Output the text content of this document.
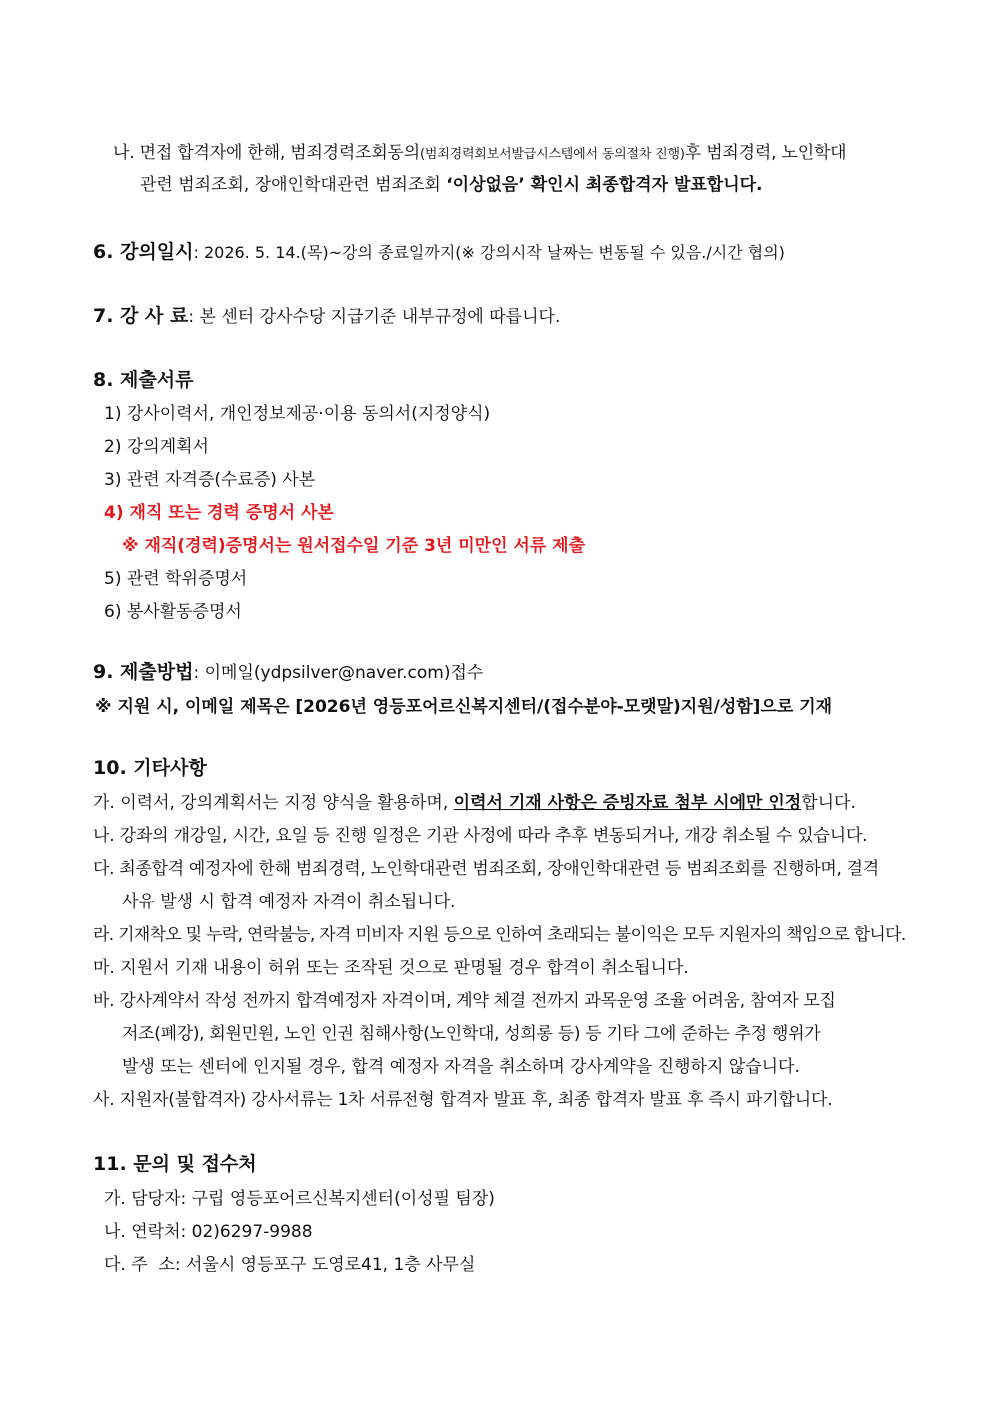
나. 면접 합격자에 한해, 범죄경력조회동의(범죄경력회보서발급시스템에서 동의절차 진행)후 범죄경력, 노인학대
관련 범죄조회, 장애인학대관련 범죄조회 ‘이상없음’ 확인시 최종합격자 발표합니다.
6. 강의일시: 2026. 5. 14.(목)~강의 종료일까지(※ 강의시작 날짜는 변동될 수 있음./시간 협의)
7. 강 사 료: 본 센터 강사수당 지급기준 내부규정에 따릅니다.
8. 제출서류
1) 강사이력서, 개인정보제공·이용 동의서(지정양식)
2) 강의계획서
3) 관련 자격증(수료증) 사본
4) 재직 또는 경력 증명서 사본
※ 재직(경력)증명서는 원서접수일 기준 3년 미만인 서류 제출
5) 관련 학위증명서
6) 봉사활동증명서
9. 제출방법: 이메일(ydpsilver@naver.com)접수
※ 지원 시, 이메일 제목은 [2026년 영등포어르신복지센터/(접수분야-모랫말)지원/성함]으로 기재
10. 기타사항
가. 이력서, 강의계획서는 지정 양식을 활용하며, 이력서 기재 사항은 증빙자료 첨부 시에만 인정합니다.
나. 강좌의 개강일, 시간, 요일 등 진행 일정은 기관 사정에 따라 추후 변동되거나, 개강 취소될 수 있습니다.
다. 최종합격 예정자에 한해 범죄경력, 노인학대관련 범죄조회, 장애인학대관련 등 범죄조회를 진행하며, 결격
사유 발생 시 합격 예정자 자격이 취소됩니다.
라. 기재착오 및 누락, 연락불능, 자격 미비자 지원 등으로 인하여 초래되는 불이익은 모두 지원자의 책임으로 합니다.
마. 지원서 기재 내용이 허위 또는 조작된 것으로 판명될 경우 합격이 취소됩니다.
바. 강사계약서 작성 전까지 합격예정자 자격이며, 계약 체결 전까지 과목운영 조율 어려움, 참여자 모집
저조(폐강), 회원민원, 노인 인권 침해사항(노인학대, 성희롱 등) 등 기타 그에 준하는 추정 행위가
발생 또는 센터에 인지될 경우, 합격 예정자 자격을 취소하며 강사계약을 진행하지 않습니다.
사. 지원자(불합격자) 강사서류는 1차 서류전형 합격자 발표 후, 최종 합격자 발표 후 즉시 파기합니다.
11. 문의 및 접수처
가. 담당자: 구립 영등포어르신복지센터(이성필 팀장)
나. 연락처: 02)6297-9988
다. 주  소: 서울시 영등포구 도영로41, 1층 사무실
